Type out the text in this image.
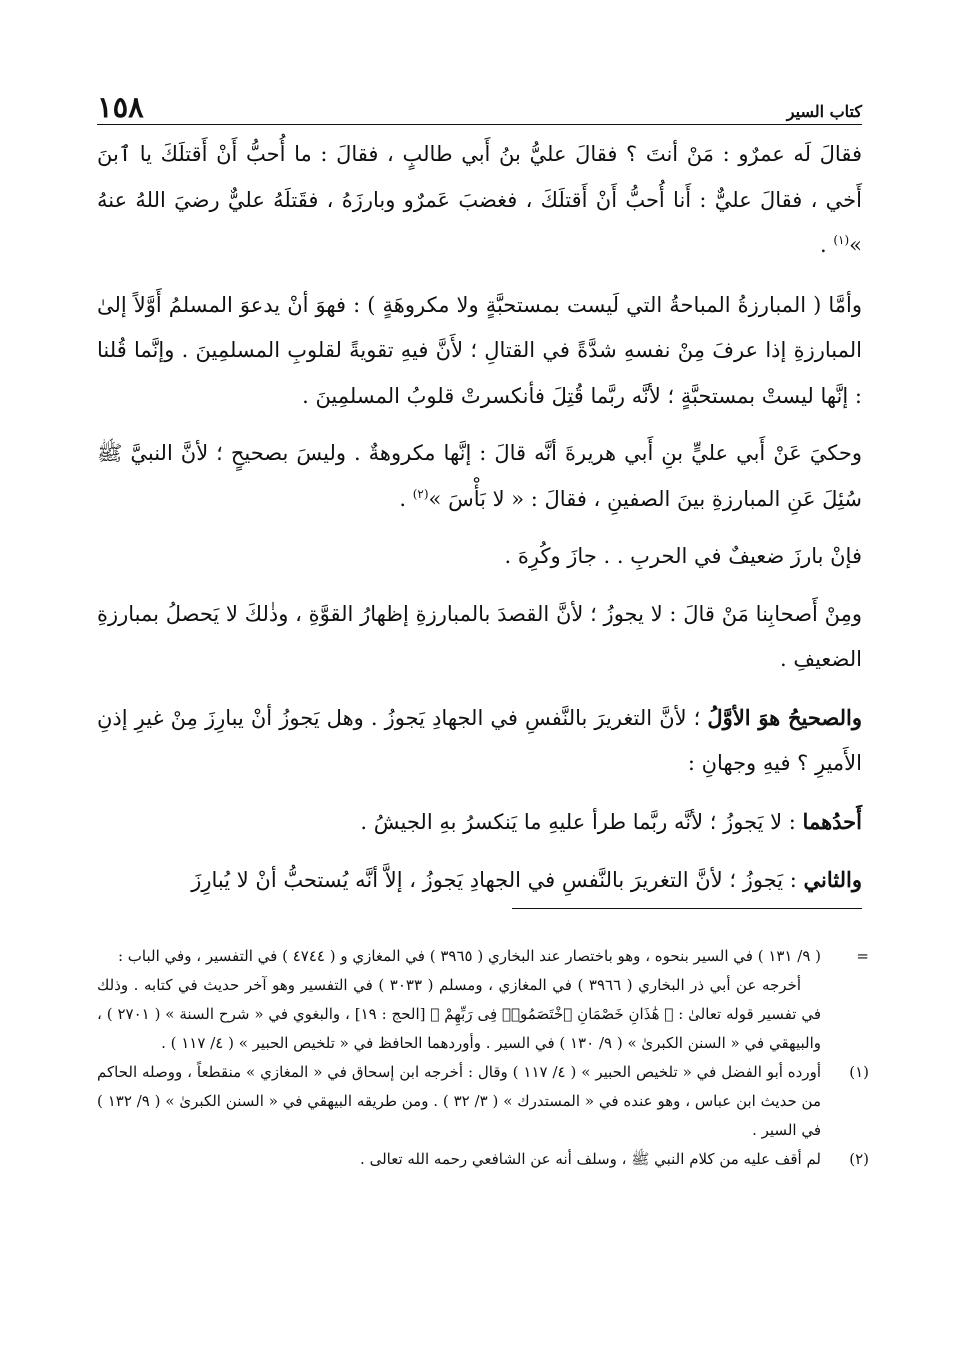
كتاب السير
١٥٨
فقالَ لَه عمرٌو : مَنْ أنتَ ؟ فقالَ عليُّ بنُ أَبي طالبٍ ، فقالَ : ما أُحبُّ أَنْ أَقتلَكَ يا ٱبنَ أَخي ، فقالَ عليٌّ : أَنا أُحبُّ أَنْ أَقتلَكَ ، فغضبَ عَمرٌو وبارزَهُ ، فقَتلَهُ عليٌّ رضيَ اللهُ عنهُ »$^{(١)}$ .
وأمَّا ( المبارزةُ المباحةُ التي لَيست بمستحبَّةٍ ولا مكروهَةٍ ) : فهوَ أنْ يدعوَ المسلمُ أَوَّلاً إلىٰ المبارزةِ إذا عرفَ مِنْ نفسهِ شدَّةً في القتالِ ؛ لأَنَّ فيهِ تقويةً لقلوبِ المسلمِينَ . وإنَّما قُلنا : إنَّها ليستْ بمستحبَّةٍ ؛ لأنَّه ربَّما قُتِلَ فأنكسرتْ قلوبُ المسلمِينَ .
وحكيَ عَنْ أَبي عليٍّ بنِ أَبي هريرةَ أنَّه قالَ : إنَّها مكروهةٌ . وليسَ بصحيحٍ ؛ لأنَّ النبيَّ ﷺ سُئِلَ عَنِ المبارزةِ بينَ الصفينِ ، فقالَ : « لا بَأْسَ »$^{(٢)}$ .
فإنْ بارزَ ضعيفٌ في الحربِ . . جازَ وكُرِهَ .
ومِنْ أَصحابِنا مَنْ قالَ : لا يجوزُ ؛ لأنَّ القصدَ بالمبارزةِ إظهارُ القوَّةِ ، وذٰلكَ لا يَحصلُ بمبارزةِ الضعيفِ .
والصحيحُ هوَ الأوَّلُ ؛ لأنَّ التغريرَ بالنَّفسِ في الجهادِ يَجوزُ . وهل يَجوزُ أنْ يبارِزَ مِنْ غيرِ إذنِ الأَميرِ ؟ فيهِ وجهانِ :
أَحدُهما : لا يَجوزُ ؛ لأنَّه ربَّما طرأ عليهِ ما يَنكسرُ بهِ الجيشُ .
والثاني : يَجوزُ ؛ لأنَّ التغريرَ بالنَّفسِ في الجهادِ يَجوزُ ، إلاَّ أنَّه يُستحبُّ أنْ لا يُبارِزَ
=
( ٩/ ١٣١ ) في السير بنحوه ، وهو باختصار عند البخاري ( ٣٩٦٥ ) في المغازي و ( ٤٧٤٤ ) في التفسير ، وفي الباب :
أخرجه عن أبي ذر البخاري ( ٣٩٦٦ ) في المغازي ، ومسلم ( ٣٠٣٣ ) في التفسير وهو آخر حديث في كتابه . وذلك في تفسير قوله تعالىٰ : ﴿ هَٰذَانِ خَصْمَانِ ٱخْتَصَمُوا۟ فِى رَبِّهِمْ ﴾ [الحج : ١٩] ، والبغوي في « شرح السنة » ( ٢٧٠١ ) ، والبيهقي في « السنن الكبرىٰ » ( ٩/ ١٣٠ ) في السير . وأوردهما الحافظ في « تلخيص الحبير » ( ٤/ ١١٧ ) .
(١)
أورده أبو الفضل في « تلخيص الحبير » ( ٤/ ١١٧ ) وقال : أخرجه ابن إسحاق في « المغازي » منقطعاً ، ووصله الحاكم من حديث ابن عباس ، وهو عنده في « المستدرك » ( ٣/ ٣٢ ) . ومن طريقه البيهقي في « السنن الكبرىٰ » ( ٩/ ١٣٢ ) في السير .
(٢)
لم أقف عليه من كلام النبي ﷺ ، وسلف أنه عن الشافعي رحمه الله تعالى .
